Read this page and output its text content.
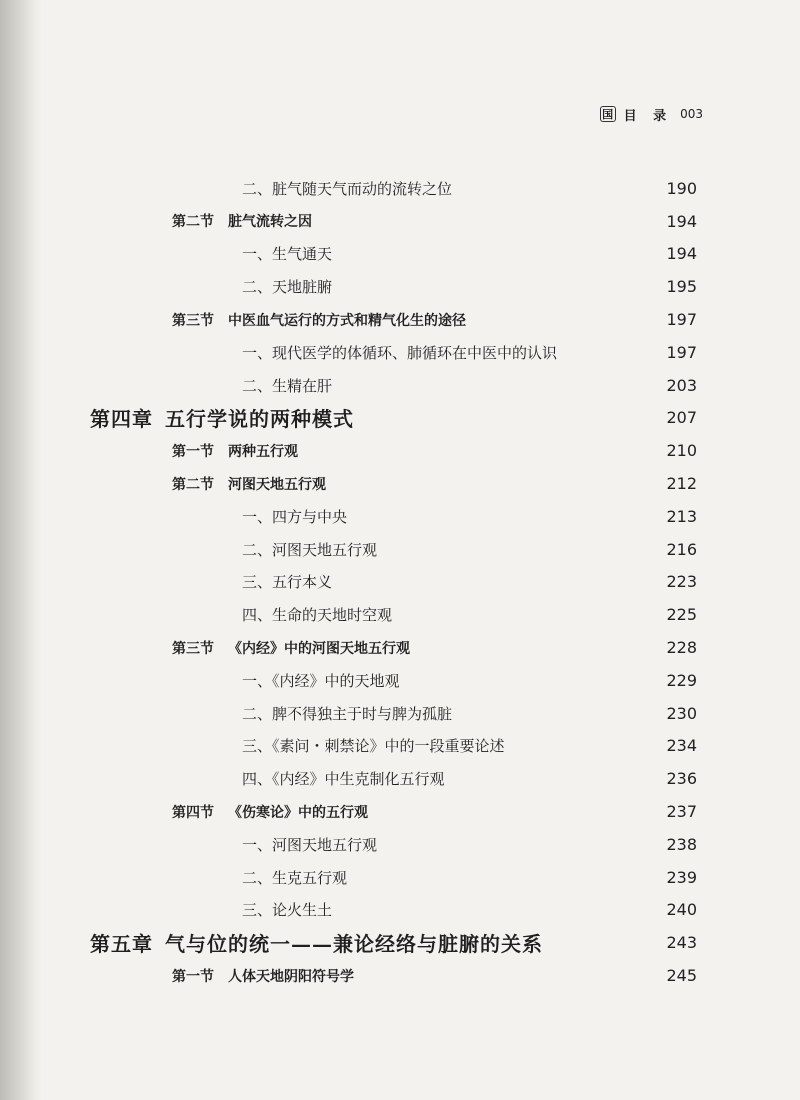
国 目 录 003
二、脏气随天气而动的流转之位	190
第二节 脏气流转之因	194
一、生气通天	194
二、天地脏腑	195
第三节 中医血气运行的方式和精气化生的途径	197
一、现代医学的体循环、肺循环在中医中的认识	197
二、生精在肝	203
第四章 五行学说的两种模式	207
第一节 两种五行观	210
第二节 河图天地五行观	212
一、四方与中央	213
二、河图天地五行观	216
三、五行本义	223
四、生命的天地时空观	225
第三节 《内经》中的河图天地五行观	228
一、《内经》中的天地观	229
二、脾不得独主于时与脾为孤脏	230
三、《素问・刺禁论》中的一段重要论述	234
四、《内经》中生克制化五行观	236
第四节 《伤寒论》中的五行观	237
一、河图天地五行观	238
二、生克五行观	239
三、论火生土	240
第五章 气与位的统一——兼论经络与脏腑的关系	243
第一节 人体天地阴阳符号学	245
